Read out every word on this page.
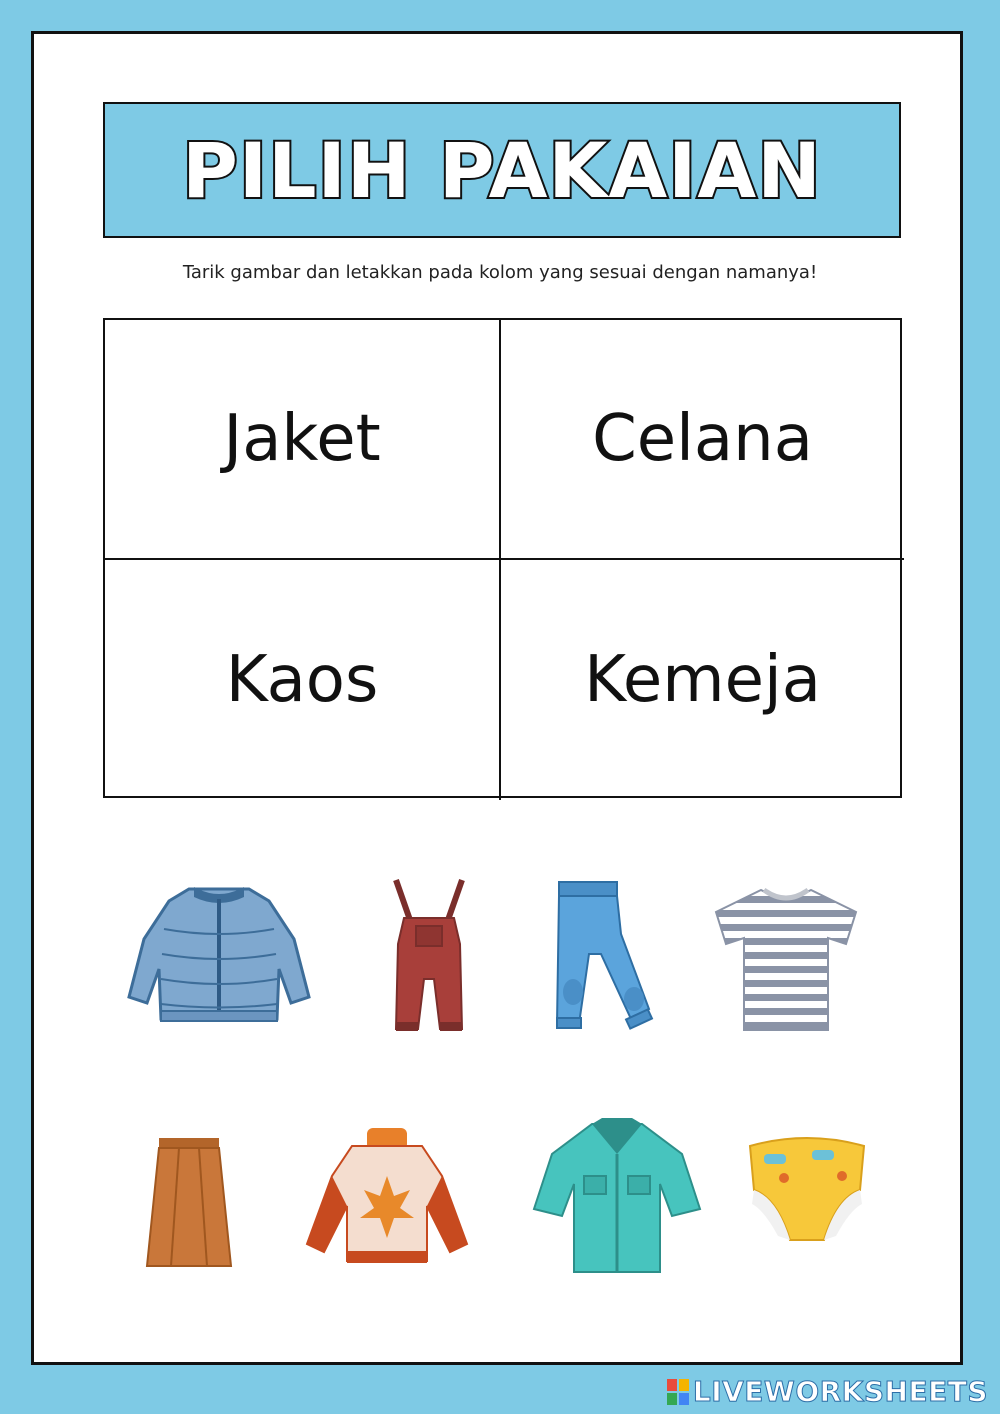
PILIH PAKAIAN
Tarik gambar dan letakkan pada kolom yang sesuai dengan namanya!
Jaket	Celana
Kaos	Kemeja
LIVEWORKSHEETS
